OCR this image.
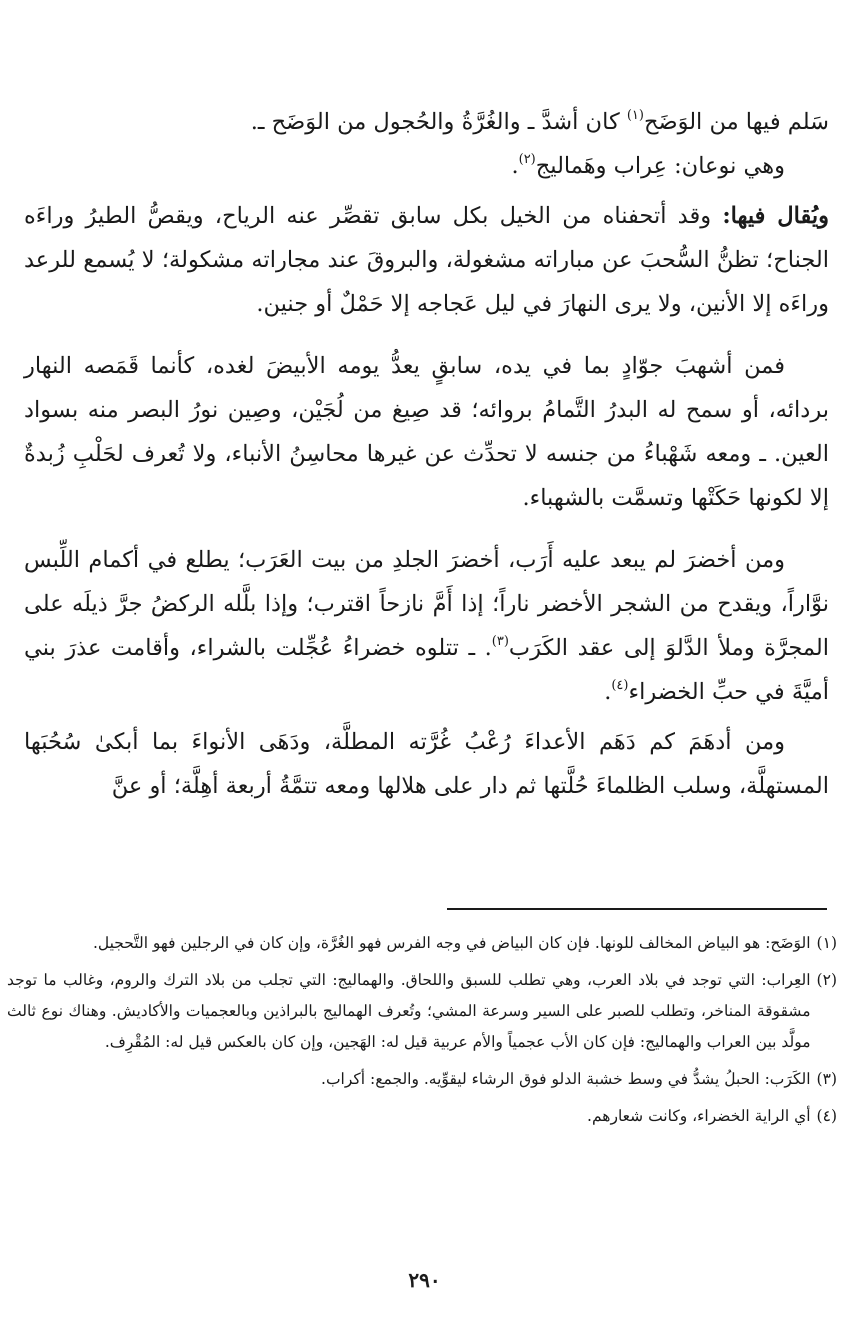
سَلم فيها من الوَضَح$^{(١)}$ كان أشدَّ ـ والغُرَّةُ والحُجول من الوَضَح ـ.

وهي نوعان: عِراب وهَماليج$^{(٢)}$.

ويُقال فيها: وقد أتحفناه من الخيل بكل سابق تقصِّر عنه الرياح، ويقصُّ الطيرُ وراءَه الجناح؛ تظنُّ السُّحبَ عن مباراته مشغولة، والبروقَ عند مجاراته مشكولة؛ لا يُسمع للرعد وراءَه إلا الأنين، ولا يرى النهارَ في ليل عَجاجه إلا حَمْلٌ أو جنين.

فمن أشهبَ جوّادٍ بما في يده، سابقٍ يعدُّ يومه الأبيضَ لغده، كأنما قَمَصه النهار بردائه، أو سمح له البدرُ التَّمامُ بروائه؛ قد صِيغ من لُجَيْن، وصِين نورُ البصر منه بسواد العين. ـ ومعه شَهْباءُ من جنسه لا تحدِّث عن غيرها محاسِنُ الأنباء، ولا تُعرف لحَلْبِ زُبدةٌ إلا لكونها حَكَتْها وتسمَّت بالشهباء.

ومن أخضرَ لم يبعد عليه أَرَب، أخضرَ الجلدِ من بيت العَرَب؛ يطلع في أكمام اللِّبس نوَّاراً، ويقدح من الشجر الأخضر ناراً؛ إذا أَمَّ نازحاً اقترب؛ وإذا بلَّله الركضُ جرَّ ذيلَه على المجرَّة وملأ الدَّلوَ إلى عقد الكَرَب$^{(٣)}$. ـ تتلوه خضراءُ عُجِّلت بالشراء، وأقامت عذرَ بني أميَّةَ في حبِّ الخضراء$^{(٤)}$.

ومن أدهَمَ كم دَهَم الأعداءَ رُعْبُ غُرَّته المطلَّة، ودَهَى الأنواءَ بما أبكىٰ سُحُبَها المستهلَّة، وسلب الظلماءَ حُلَّتها ثم دار على هلالها ومعه تتمَّةُ أربعة أهِلَّة؛ أو عنَّ

(١)
الوَضَح: هو البياض المخالف للونها. فإن كان البياض في وجه الفرس فهو الغُرَّة، وإن كان في الرجلين فهو التَّحجيل.
(٢)
العِراب: التي توجد في بلاد العرب، وهي تطلب للسبق واللحاق. والهماليج: التي تجلب من بلاد الترك والروم، وغالب ما توجد مشقوقة المناخر، وتطلب للصبر على السير وسرعة المشي؛ وتُعرف الهماليج بالبراذين وبالعجميات والأكاديش. وهناك نوع ثالث مولَّد بين العراب والهماليج: فإن كان الأب عجمياً والأم عربية قيل له: الهَجين، وإن كان بالعكس قيل له: المُقْرِف.
(٣)
الكَرَب: الحبلُ يشدُّ في وسط خشبة الدلو فوق الرشاء ليقوِّيه. والجمع: أكراب.
(٤)
أي الراية الخضراء، وكانت شعارهم.
٢٩٠
